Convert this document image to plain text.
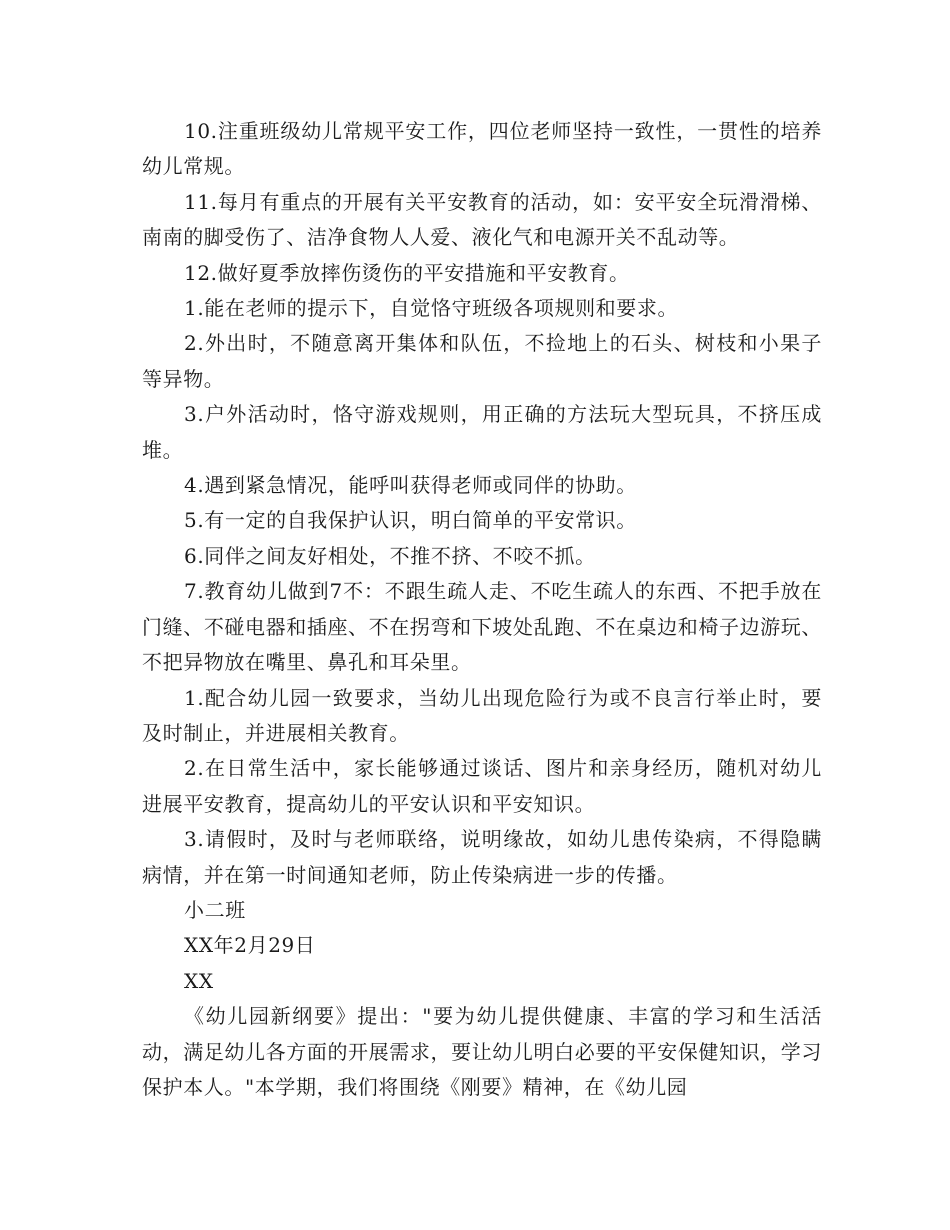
10.注重班级幼儿常规平安工作，四位老师坚持一致性，一贯性的培养幼儿常规。

11.每月有重点的开展有关平安教育的活动，如：安平安全玩滑滑梯、南南的脚受伤了、洁净食物人人爱、液化气和电源开关不乱动等。

12.做好夏季放摔伤烫伤的平安措施和平安教育。

1.能在老师的提示下，自觉恪守班级各项规则和要求。

2.外出时，不随意离开集体和队伍，不捡地上的石头、树枝和小果子等异物。

3.户外活动时，恪守游戏规则，用正确的方法玩大型玩具，不挤压成堆。

4.遇到紧急情况，能呼叫获得老师或同伴的协助。

5.有一定的自我保护认识，明白简单的平安常识。

6.同伴之间友好相处，不推不挤、不咬不抓。

7.教育幼儿做到7不：不跟生疏人走、不吃生疏人的东西、不把手放在门缝、不碰电器和插座、不在拐弯和下坡处乱跑、不在桌边和椅子边游玩、不把异物放在嘴里、鼻孔和耳朵里。

1.配合幼儿园一致要求，当幼儿出现危险行为或不良言行举止时，要及时制止，并进展相关教育。

2.在日常生活中，家长能够通过谈话、图片和亲身经历，随机对幼儿进展平安教育，提高幼儿的平安认识和平安知识。

3.请假时，及时与老师联络，说明缘故，如幼儿患传染病，不得隐瞒病情，并在第一时间通知老师，防止传染病进一步的传播。

小二班

XX年2月29日

XX

《幼儿园新纲要》提出："要为幼儿提供健康、丰富的学习和生活活动，满足幼儿各方面的开展需求，要让幼儿明白必要的平安保健知识，学习保护本人。"本学期，我们将围绕《刚要》精神，在《幼儿园
